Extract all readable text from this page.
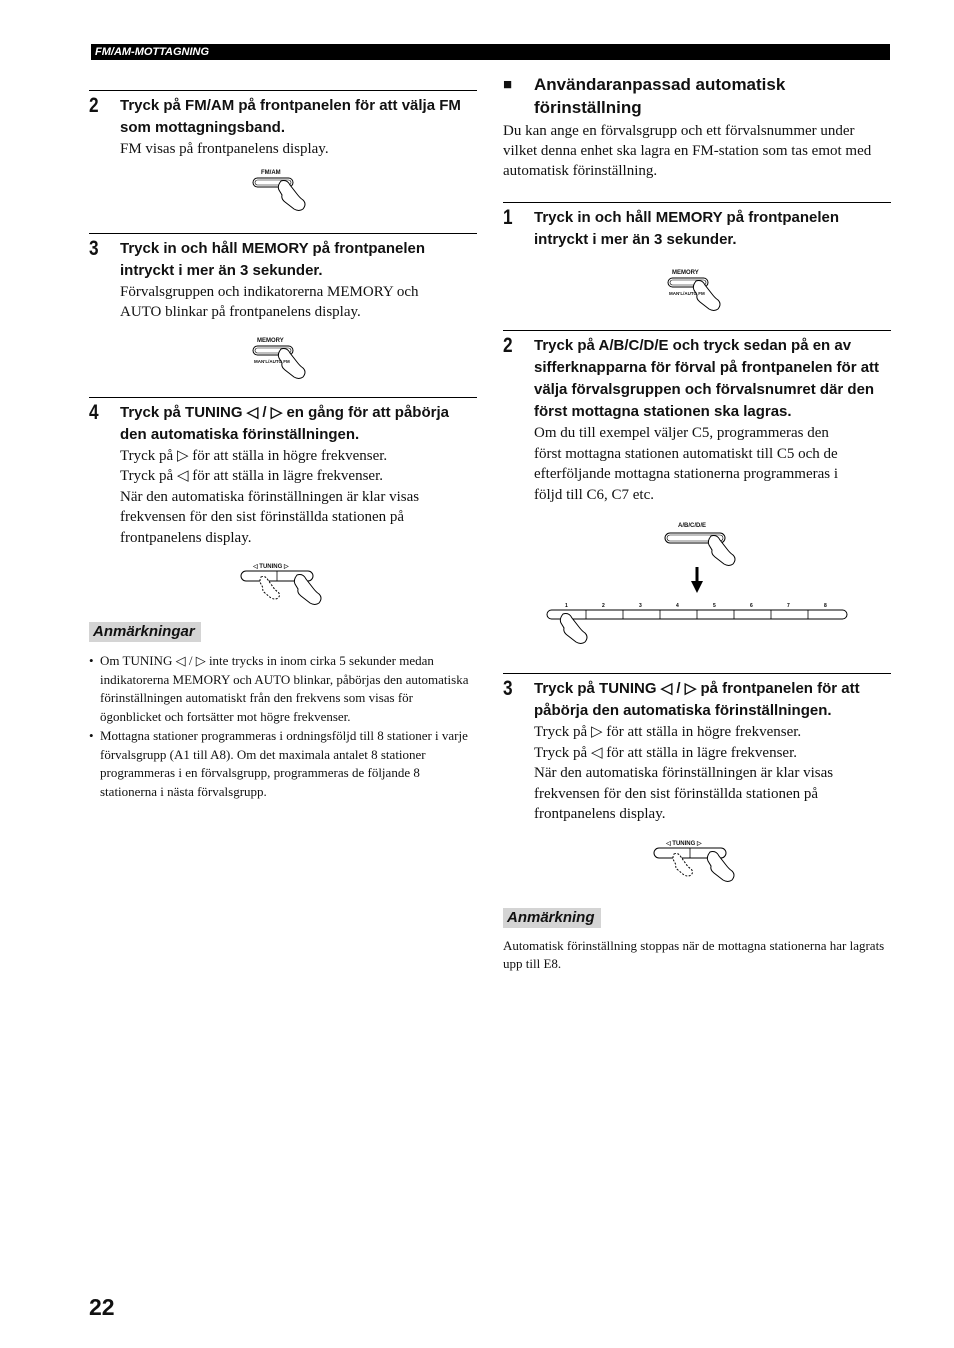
FM/AM-MOTTAGNING
2 Tryck på FM/AM på frontpanelen för att välja FM som mottagningsband.
FM visas på frontpanelens display.
FM/AM
3 Tryck in och håll MEMORY på frontpanelen intryckt i mer än 3 sekunder.
Förvalsgruppen och indikatorerna MEMORY och
AUTO blinkar på frontpanelens display.
MEMORY
MAN'L/AUTO FM
4 Tryck på TUNING ◁ / ▷ en gång för att påbörja den automatiska förinställningen.
Tryck på ▷ för att ställa in högre frekvenser.
Tryck på ◁ för att ställa in lägre frekvenser.
När den automatiska förinställningen är klar visas
frekvensen för den sist förinställda stationen på
frontpanelens display.
◁ TUNING ▷
Anmärkningar
• Om TUNING ◁ / ▷ inte trycks in inom cirka 5 sekunder medan indikatorerna MEMORY och AUTO blinkar, påbörjas den automatiska förinställningen automatiskt från den frekvens som visas för ögonblicket och fortsätter mot högre frekvenser.
• Mottagna stationer programmeras i ordningsföljd till 8 stationer i varje förvalsgrupp (A1 till A8). Om det maximala antalet 8 stationer programmeras i en förvalsgrupp, programmeras de följande 8 stationerna i nästa förvalsgrupp.
■ Användaranpassad automatisk
förinställning
Du kan ange en förvalsgrupp och ett förvalsnummer under vilket denna enhet ska lagra en FM-station som tas emot med automatisk förinställning.
1 Tryck in och håll MEMORY på frontpanelen intryckt i mer än 3 sekunder.
MEMORY
MAN'L/AUTO FM
2 Tryck på A/B/C/D/E och tryck sedan på en av sifferknapparna för förval på frontpanelen för att välja förvalsgruppen och förvalsnumret där den först mottagna stationen ska lagras.
Om du till exempel väljer C5, programmeras den
först mottagna stationen automatiskt till C5 och de
efterföljande mottagna stationerna programmeras i
följd till C6, C7 etc.
A/B/C/D/E
1	2	3	4	5	6	7	8
3 Tryck på TUNING ◁ / ▷ på frontpanelen för att påbörja den automatiska förinställningen.
Tryck på ▷ för att ställa in högre frekvenser.
Tryck på ◁ för att ställa in lägre frekvenser.
När den automatiska förinställningen är klar visas
frekvensen för den sist förinställda stationen på
frontpanelens display.
◁ TUNING ▷
Anmärkning
Automatisk förinställning stoppas när de mottagna stationerna har lagrats upp till E8.
22
